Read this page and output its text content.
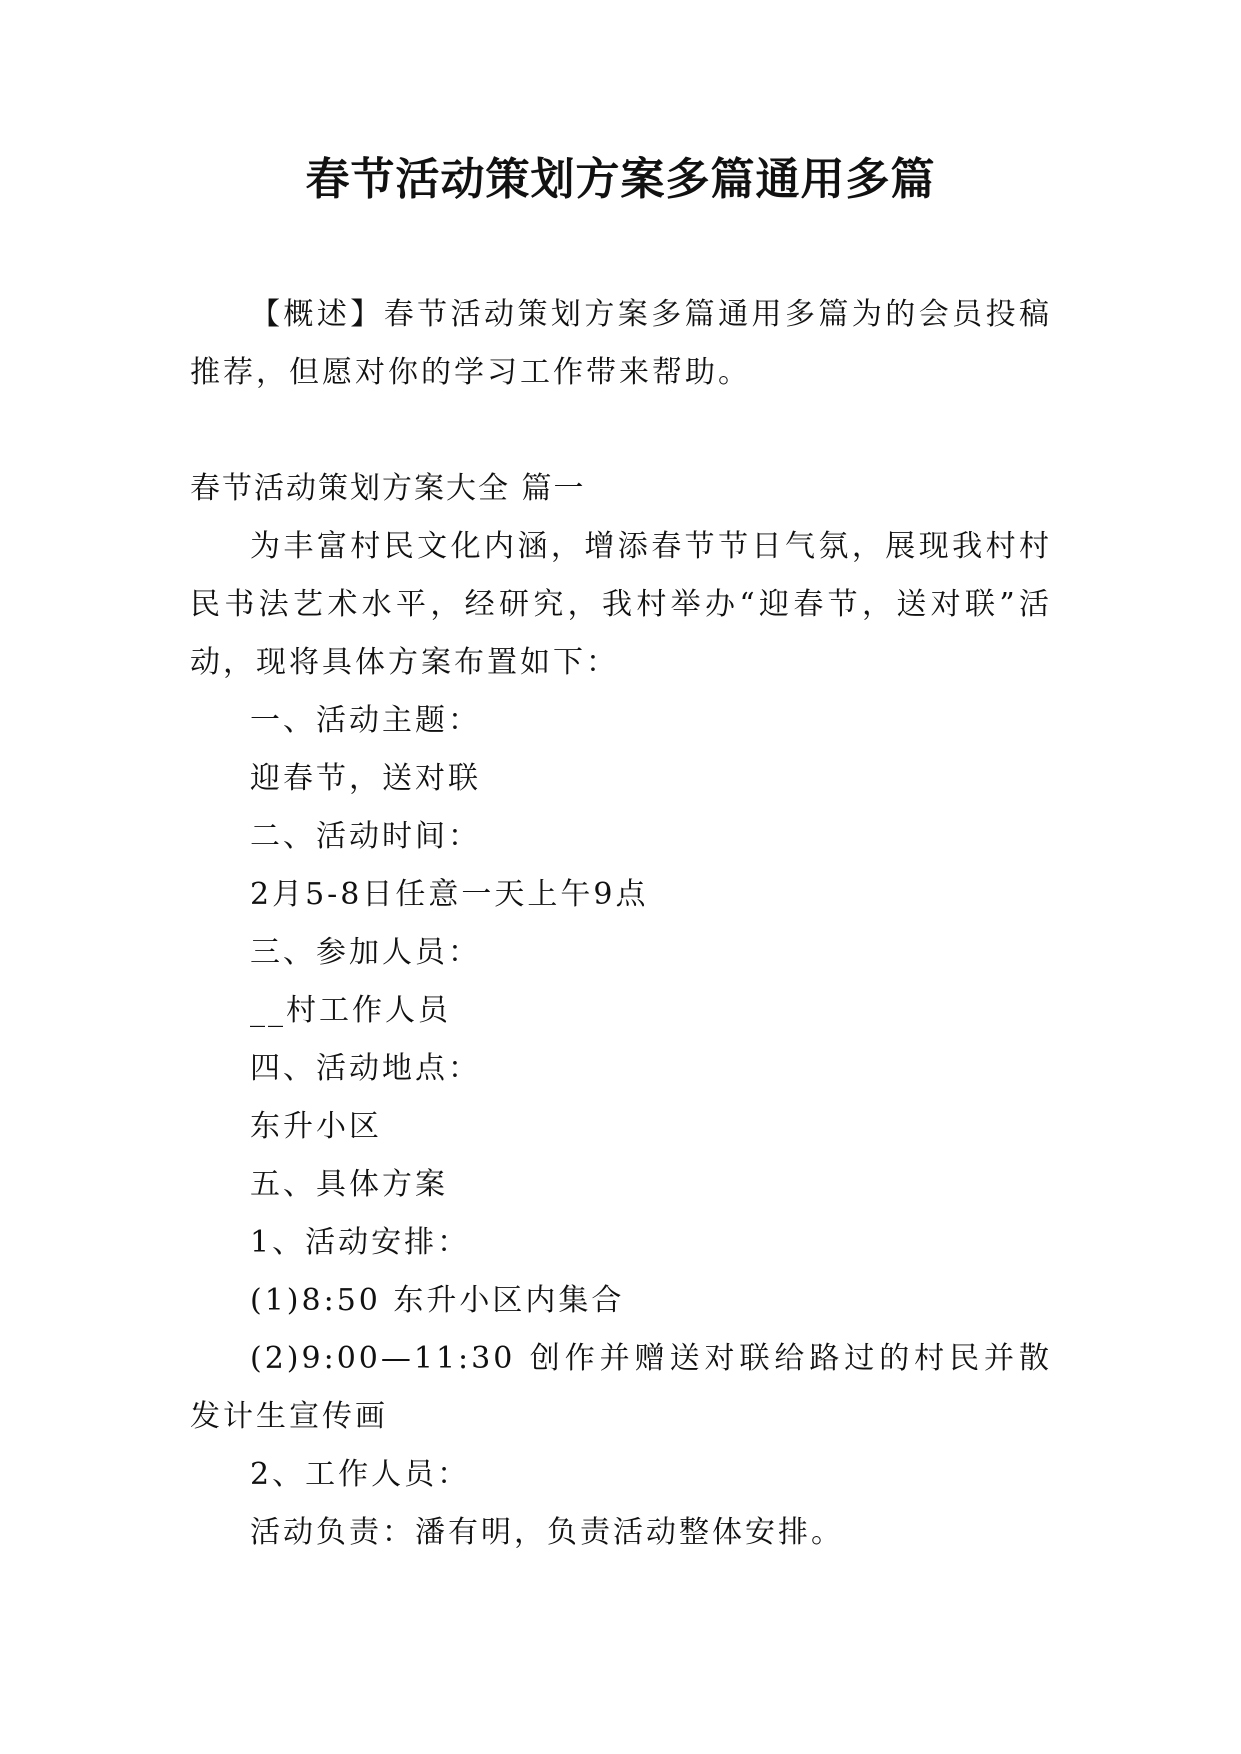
春节活动策划方案多篇通用多篇

【概述】春节活动策划方案多篇通用多篇为的会员投稿推荐，但愿对你的学习工作带来帮助。

春节活动策划方案大全 篇一

为丰富村民文化内涵，增添春节节日气氛，展现我村村民书法艺术水平，经研究，我村举办“迎春节，送对联”活动，现将具体方案布置如下：

一、活动主题：

迎春节，送对联

二、活动时间：

2月5-8日任意一天上午9点

三、参加人员：

__村工作人员

四、活动地点：

东升小区

五、具体方案

1、活动安排：

(1)8:50 东升小区内集合

(2)9:00—11:30 创作并赠送对联给路过的村民并散发计生宣传画

2、工作人员：

活动负责：潘有明，负责活动整体安排。
